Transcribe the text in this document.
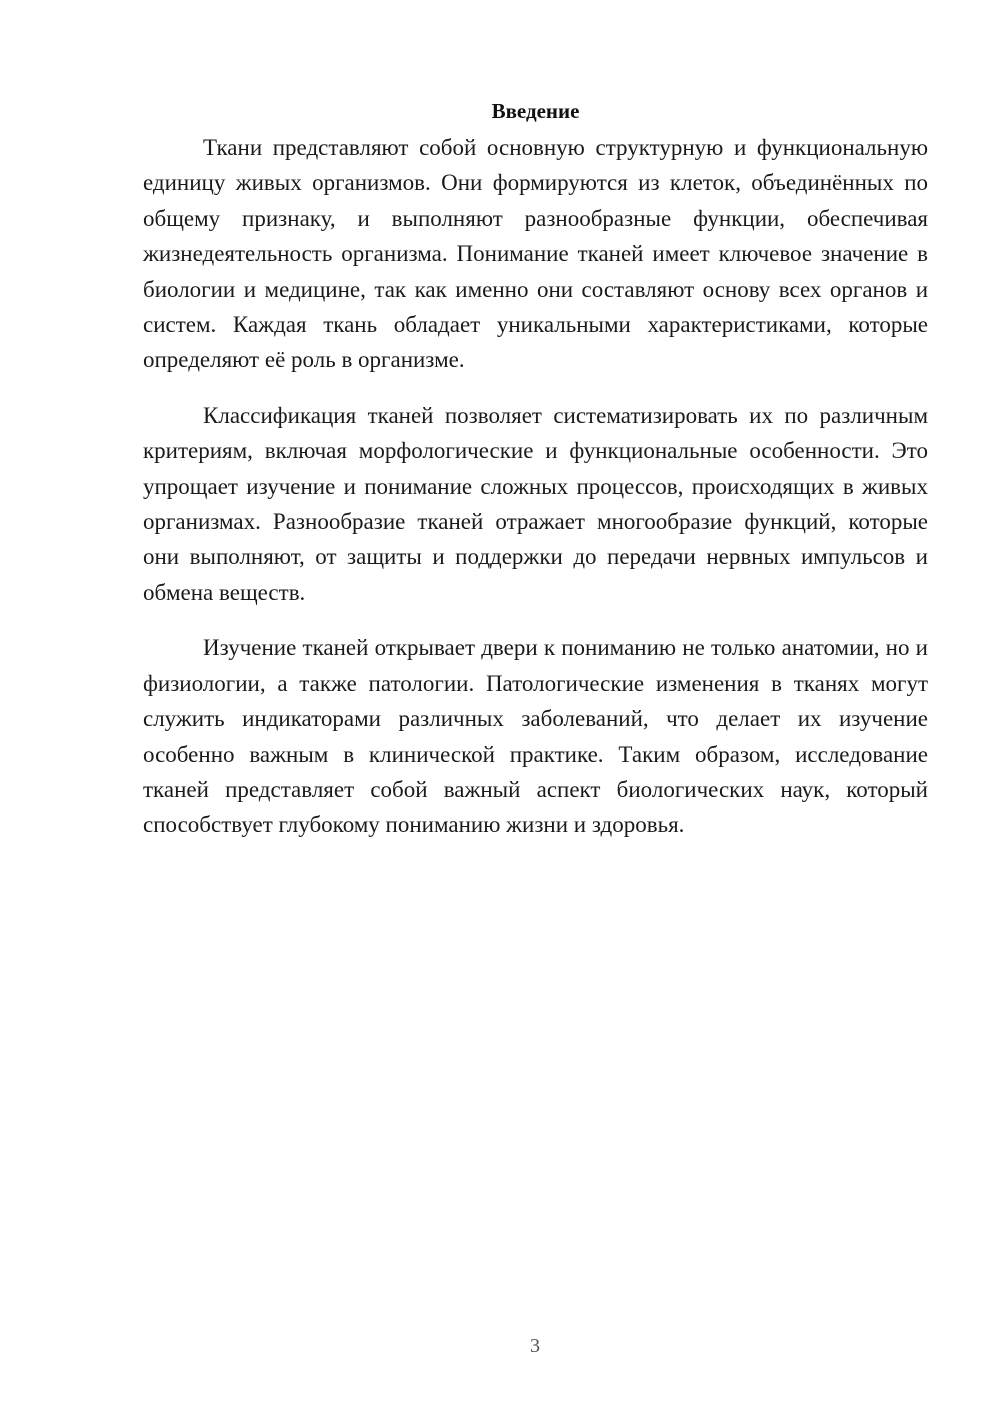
Введение

Ткани представляют собой основную структурную и функциональную единицу живых организмов. Они формируются из клеток, объединённых по общему признаку, и выполняют разнообразные функции, обеспечивая жизнедеятельность организма. Понимание тканей имеет ключевое значение в биологии и медицине, так как именно они составляют основу всех органов и систем. Каждая ткань обладает уникальными характеристиками, которые определяют её роль в организме.

Классификация тканей позволяет систематизировать их по различным критериям, включая морфологические и функциональные особенности. Это упрощает изучение и понимание сложных процессов, происходящих в живых организмах. Разнообразие тканей отражает многообразие функций, которые они выполняют, от защиты и поддержки до передачи нервных импульсов и обмена веществ.

Изучение тканей открывает двери к пониманию не только анатомии, но и физиологии, а также патологии. Патологические изменения в тканях могут служить индикаторами различных заболеваний, что делает их изучение особенно важным в клинической практике. Таким образом, исследование тканей представляет собой важный аспект биологических наук, который способствует глубокому пониманию жизни и здоровья.

3
